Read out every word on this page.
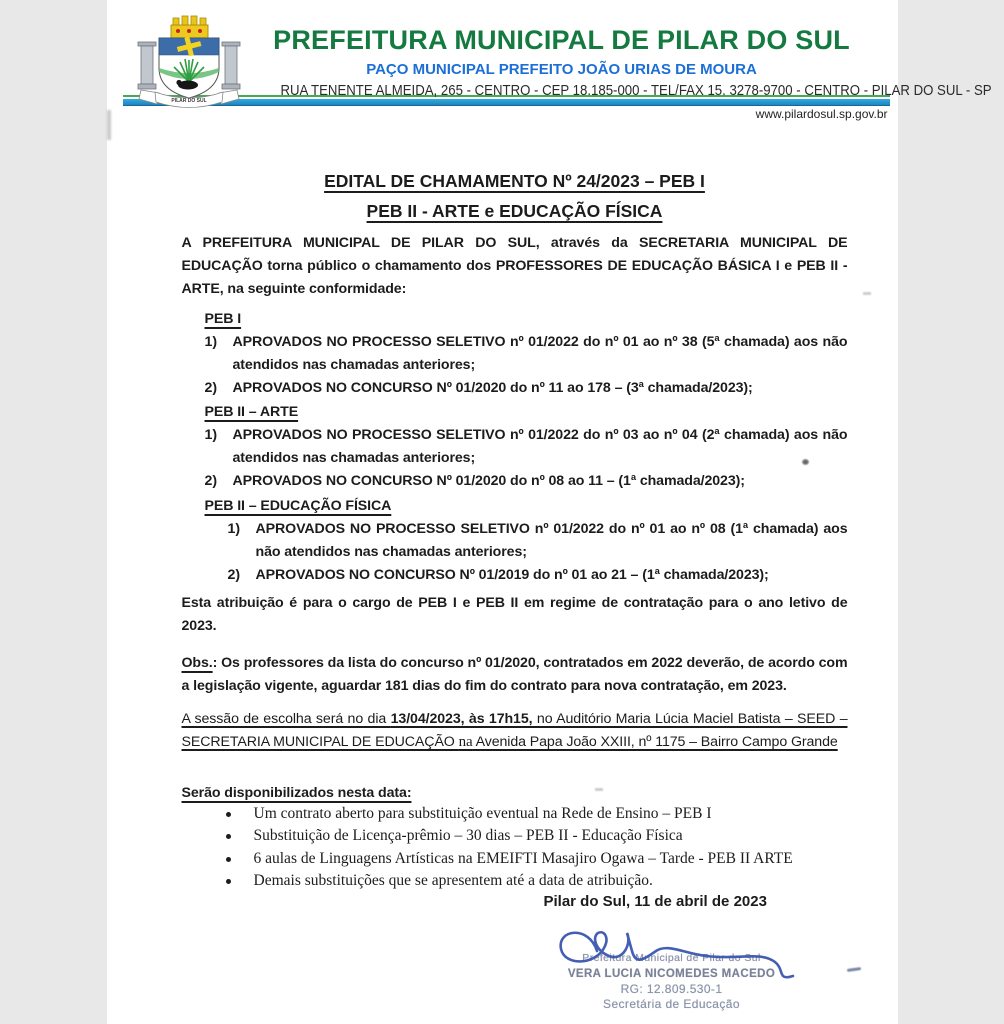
PILAR DO SUL
PREFEITURA MUNICIPAL DE PILAR DO SUL
PAÇO MUNICIPAL PREFEITO JOÃO URIAS DE MOURA
RUA TENENTE ALMEIDA, 265 - CENTRO - CEP 18.185-000 - TEL/FAX 15. 3278-9700 - CENTRO - PILAR DO SUL - SP
www.pilardosul.sp.gov.br
EDITAL DE CHAMAMENTO Nº 24/2023 – PEB I
PEB II - ARTE e EDUCAÇÃO FÍSICA

A PREFEITURA MUNICIPAL DE PILAR DO SUL, através da SECRETARIA MUNICIPAL DE EDUCAÇÃO torna público o chamamento dos PROFESSORES DE EDUCAÇÃO BÁSICA I e PEB II - ARTE, na seguinte conformidade:

PEB I
1)	APROVADOS NO PROCESSO SELETIVO nº 01/2022 do nº 01 ao nº 38 (5ª chamada) aos não atendidos nas chamadas anteriores;
2)	APROVADOS NO CONCURSO Nº 01/2020 do nº 11 ao 178 – (3ª chamada/2023);
PEB II – ARTE
1)	APROVADOS NO PROCESSO SELETIVO nº 01/2022 do nº 03 ao nº 04 (2ª chamada) aos não atendidos nas chamadas anteriores;
2)	APROVADOS NO CONCURSO Nº 01/2020 do nº 08 ao 11 – (1ª chamada/2023);
PEB II – EDUCAÇÃO FÍSICA
1)	APROVADOS NO PROCESSO SELETIVO nº 01/2022 do nº 01 ao nº 08 (1ª chamada) aos não atendidos nas chamadas anteriores;
2)	APROVADOS NO CONCURSO Nº 01/2019 do nº 01 ao 21 – (1ª chamada/2023);

Esta atribuição é para o cargo de PEB I e PEB II em regime de contratação para o ano letivo de 2023.

Obs.: Os professores da lista do concurso nº 01/2020, contratados em 2022 deverão, de acordo com a legislação vigente, aguardar 181 dias do fim do contrato para nova contratação, em 2023.

A sessão de escolha será no dia 13/04/2023, às 17h15, no Auditório Maria Lúcia Maciel Batista – SEED – SECRETARIA MUNICIPAL DE EDUCAÇÃO na Avenida Papa João XXIII, nº 1175 – Bairro Campo Grande

Serão disponibilizados nesta data:

Um contrato aberto para substituição eventual na Rede de Ensino – PEB I
Substituição de Licença-prêmio – 30 dias – PEB II - Educação Física
6 aulas de Linguagens Artísticas na EMEIFTI Masajiro Ogawa – Tarde - PEB II ARTE
Demais substituições que se apresentem até a data de atribuição.
Pilar do Sul, 11 de abril de 2023
Prefeitura Municipal de Pilar do Sul
VERA LUCIA NICOMEDES MACEDO
RG: 12.809.530-1
Secretária de Educação
